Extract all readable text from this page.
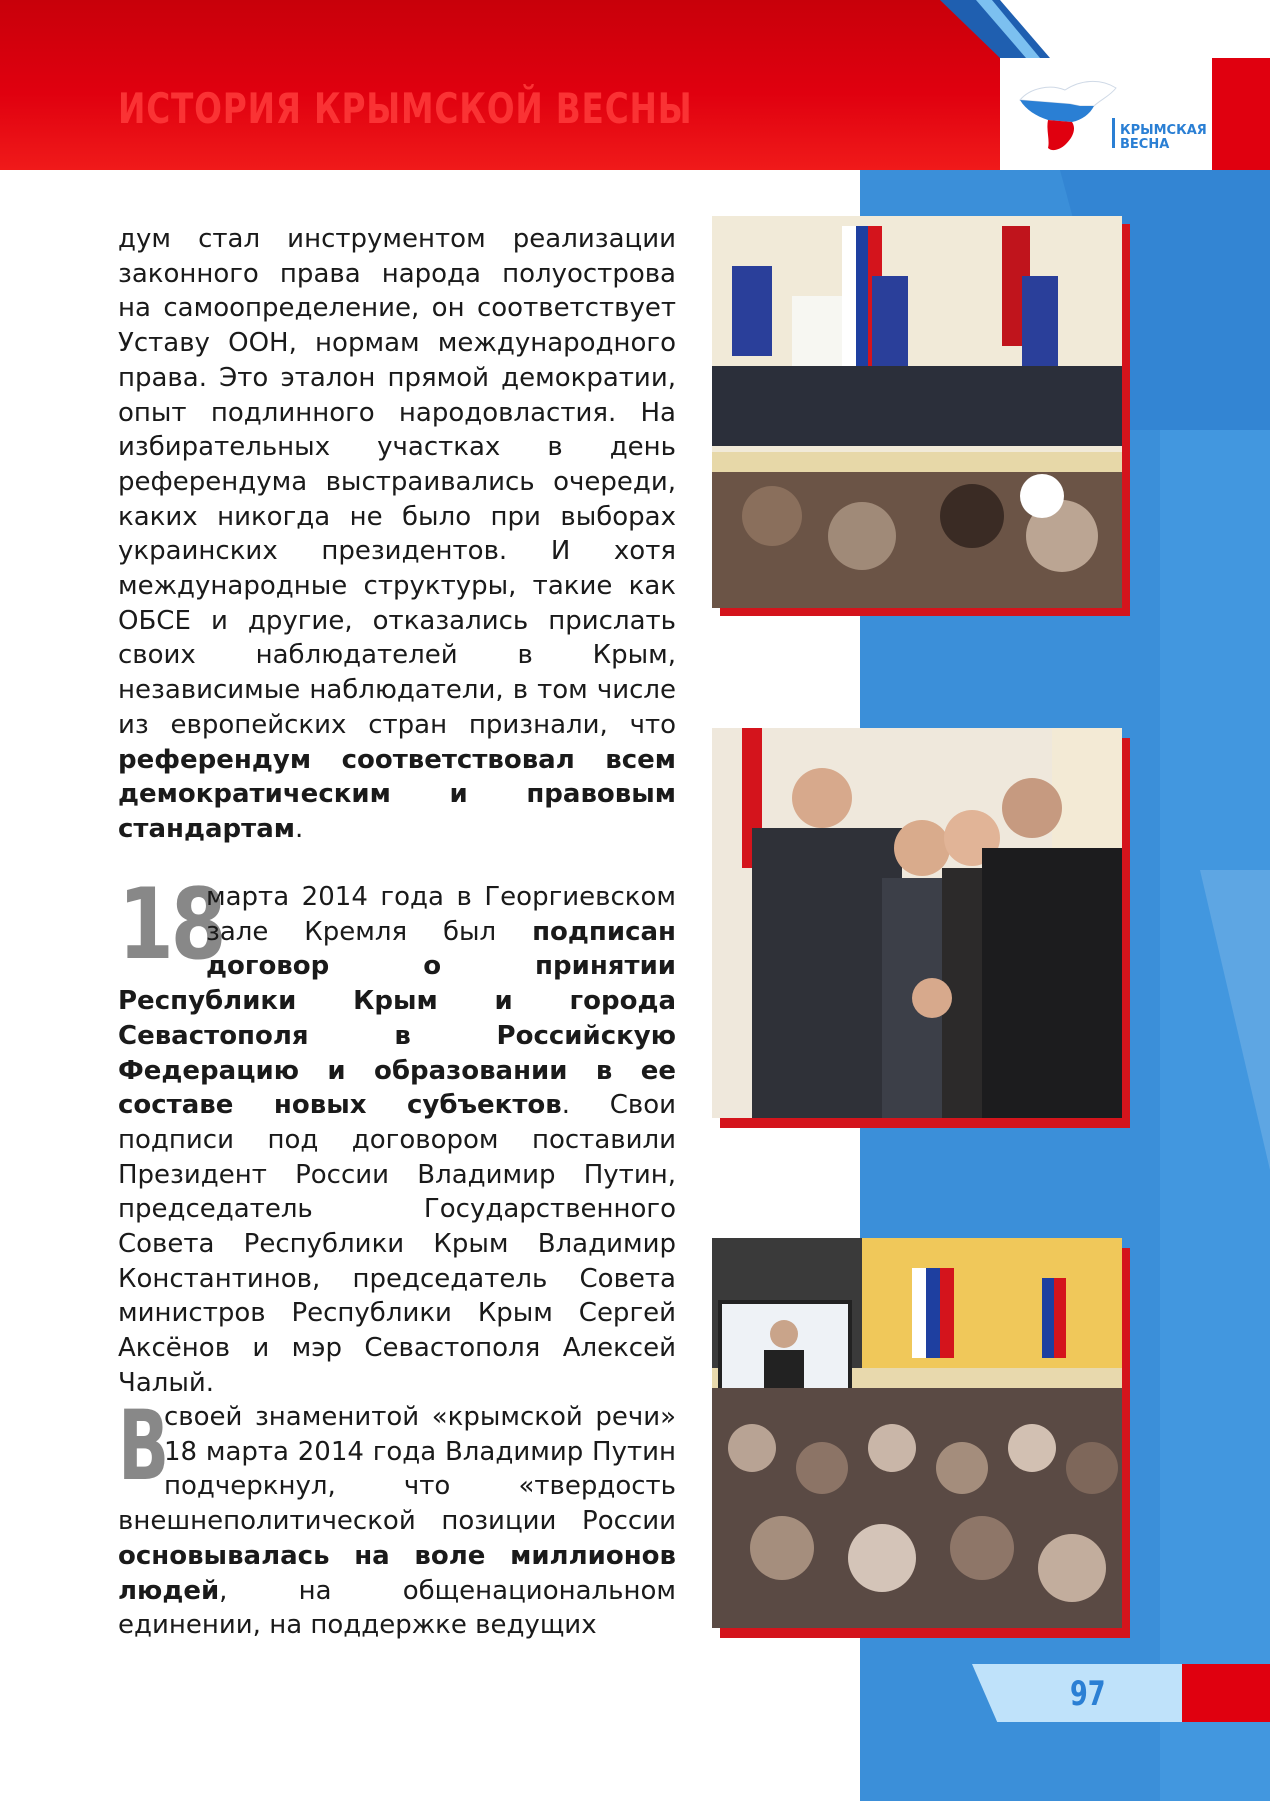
ИСТОРИЯ КРЫМСКОЙ ВЕСНЫ	КРЫМСКАЯ
ВЕСНА
дум стал инструментом реализации законного права народа полуострова на самоопределение, он соответствует Уставу ООН, нормам международного права. Это эталон прямой демократии, опыт подлинного народовластия. На избирательных участках в день референдума выстраивались очереди, каких никогда не было при выборах украинских президентов. И хотя международные структуры, такие как ОБСЕ и другие, отказались прислать своих наблюдателей в Крым, независимые наблюдатели, в том числе из европейских стран признали, что референдум соответствовал всем демократическим и правовым стандартам.
18
марта 2014 года в Георгиевском зале Кремля был подписан договор о принятии Республики Крым и города Севастополя в Российскую Федерацию и образовании в ее составе новых субъектов. Свои подписи под договором поставили Президент России Владимир Путин, председатель Государственного Совета Республики Крым Владимир Константинов, председатель Совета министров Республики Крым Сергей Аксёнов и мэр Севастополя Алексей Чалый.
В
своей знаменитой «крымской речи» 18 марта 2014 года Владимир Путин подчеркнул, что «твердость внешнеполитической позиции России основывалась на воле миллионов людей, на общенациональном единении, на поддержке ведущих
97
